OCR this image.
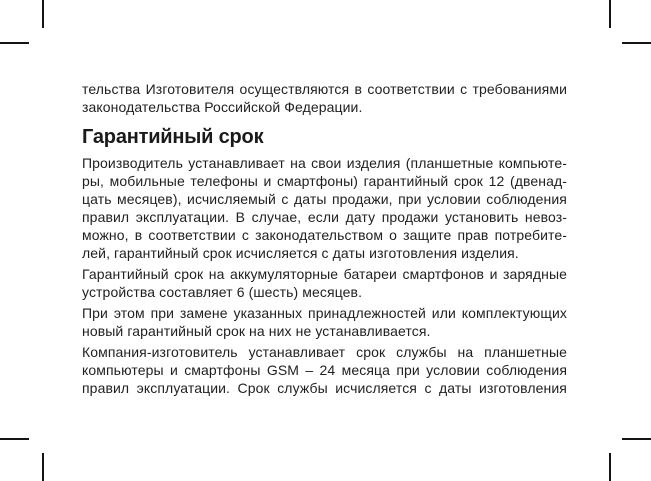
тельства Изготовителя осуществляются в соответствии с требованиями
законодательства Российской Федерации.
Гарантийный срок
Производитель устанавливает на свои изделия (планшетные компьюте-
ры, мобильные телефоны и смартфоны) гарантийный срок 12 (двенад-
цать месяцев), исчисляемый с даты продажи, при условии соблюдения
правил эксплуатации. В случае, если дату продажи установить невоз-
можно, в соответствии с законодательством о защите прав потребите-
лей, гарантийный срок исчисляется с даты изготовления изделия.
Гарантийный срок на аккумуляторные батареи смартфонов и зарядные
устройства составляет 6 (шесть) месяцев.
При этом при замене указанных принадлежностей или комплектующих
новый гарантийный срок на них не устанавливается.
Компания-изготовитель устанавливает срок службы на планшетные
компьютеры и смартфоны GSM – 24 месяца при условии соблюдения
правил эксплуатации. Срок службы исчисляется с даты изготовления
